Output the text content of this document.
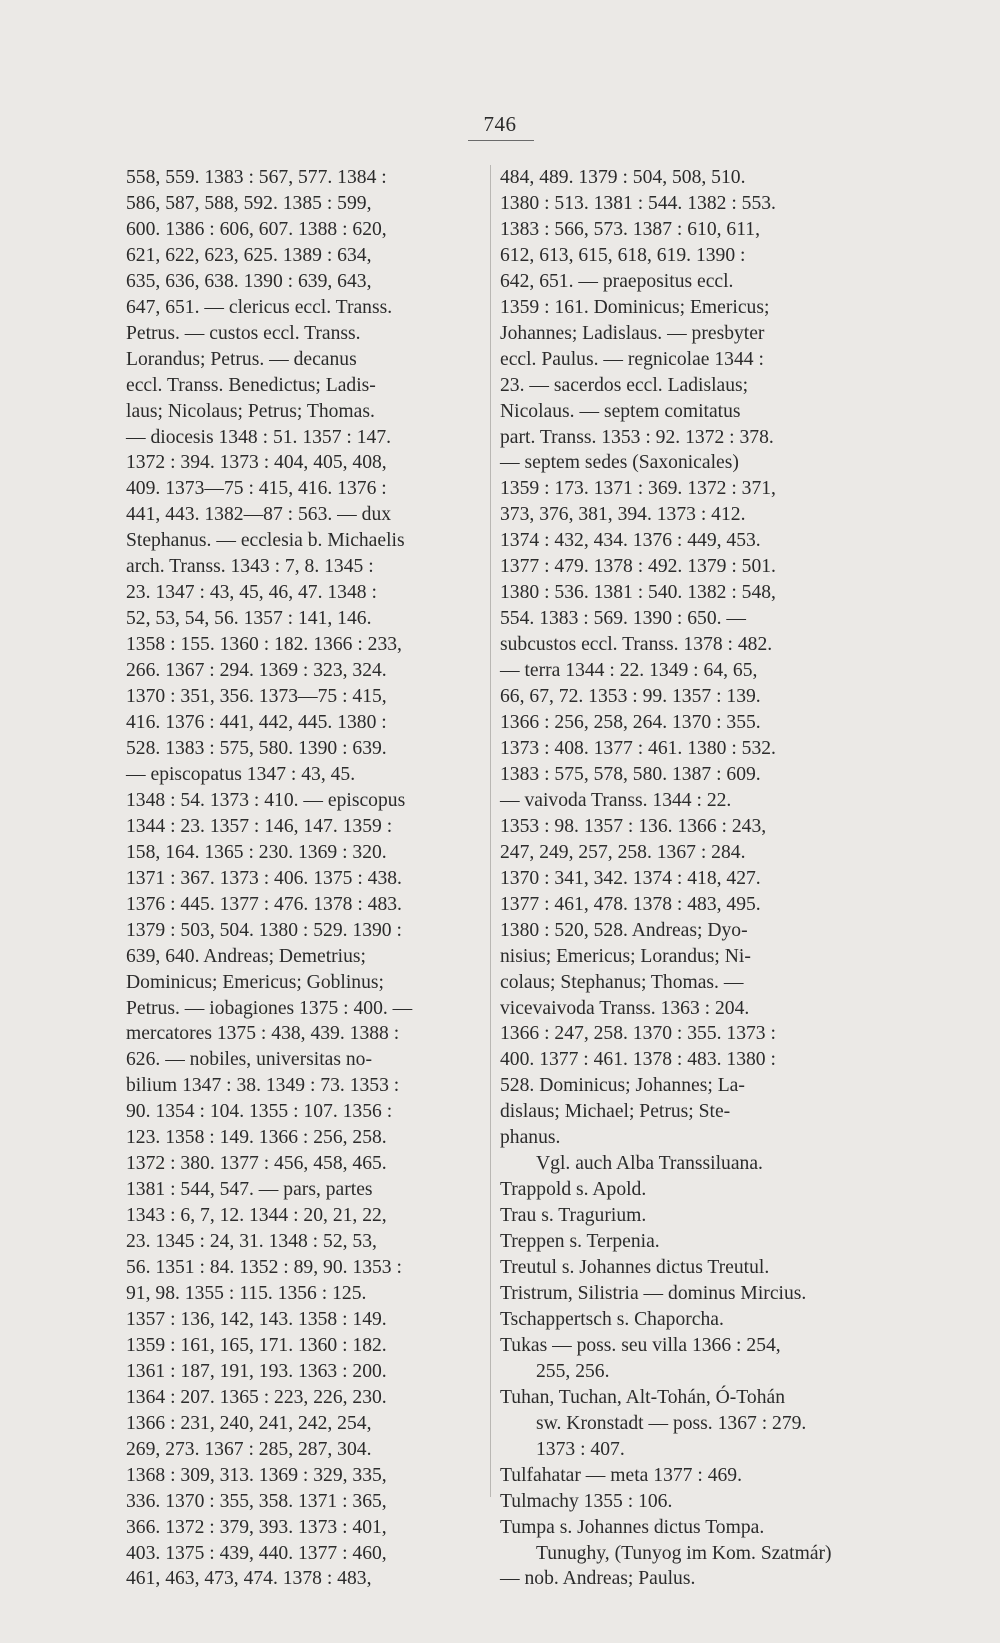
746
558, 559. 1383 : 567, 577. 1384 :
586, 587, 588, 592. 1385 : 599,
600. 1386 : 606, 607. 1388 : 620,
621, 622, 623, 625. 1389 : 634,
635, 636, 638. 1390 : 639, 643,
647, 651. — clericus eccl. Transs.
Petrus. — custos eccl. Transs.
Lorandus; Petrus. — decanus
eccl. Transs. Benedictus; Ladis-
laus; Nicolaus; Petrus; Thomas.
— diocesis 1348 : 51. 1357 : 147.
1372 : 394. 1373 : 404, 405, 408,
409. 1373—75 : 415, 416. 1376 :
441, 443. 1382—87 : 563. — dux
Stephanus. — ecclesia b. Michaelis
arch. Transs. 1343 : 7, 8. 1345 :
23. 1347 : 43, 45, 46, 47. 1348 :
52, 53, 54, 56. 1357 : 141, 146.
1358 : 155. 1360 : 182. 1366 : 233,
266. 1367 : 294. 1369 : 323, 324.
1370 : 351, 356. 1373—75 : 415,
416. 1376 : 441, 442, 445. 1380 :
528. 1383 : 575, 580. 1390 : 639.
— episcopatus 1347 : 43, 45.
1348 : 54. 1373 : 410. — episcopus
1344 : 23. 1357 : 146, 147. 1359 :
158, 164. 1365 : 230. 1369 : 320.
1371 : 367. 1373 : 406. 1375 : 438.
1376 : 445. 1377 : 476. 1378 : 483.
1379 : 503, 504. 1380 : 529. 1390 :
639, 640. Andreas; Demetrius;
Dominicus; Emericus; Goblinus;
Petrus. — iobagiones 1375 : 400. —
mercatores 1375 : 438, 439. 1388 :
626. — nobiles, universitas no-
bilium 1347 : 38. 1349 : 73. 1353 :
90. 1354 : 104. 1355 : 107. 1356 :
123. 1358 : 149. 1366 : 256, 258.
1372 : 380. 1377 : 456, 458, 465.
1381 : 544, 547. — pars, partes
1343 : 6, 7, 12. 1344 : 20, 21, 22,
23. 1345 : 24, 31. 1348 : 52, 53,
56. 1351 : 84. 1352 : 89, 90. 1353 :
91, 98. 1355 : 115. 1356 : 125.
1357 : 136, 142, 143. 1358 : 149.
1359 : 161, 165, 171. 1360 : 182.
1361 : 187, 191, 193. 1363 : 200.
1364 : 207. 1365 : 223, 226, 230.
1366 : 231, 240, 241, 242, 254,
269, 273. 1367 : 285, 287, 304.
1368 : 309, 313. 1369 : 329, 335,
336. 1370 : 355, 358. 1371 : 365,
366. 1372 : 379, 393. 1373 : 401,
403. 1375 : 439, 440. 1377 : 460,
461, 463, 473, 474. 1378 : 483,
484, 489. 1379 : 504, 508, 510.
1380 : 513. 1381 : 544. 1382 : 553.
1383 : 566, 573. 1387 : 610, 611,
612, 613, 615, 618, 619. 1390 :
642, 651. — praepositus eccl.
1359 : 161. Dominicus; Emericus;
Johannes; Ladislaus. — presbyter
eccl. Paulus. — regnicolae 1344 :
23. — sacerdos eccl. Ladislaus;
Nicolaus. — septem comitatus
part. Transs. 1353 : 92. 1372 : 378.
— septem sedes (Saxonicales)
1359 : 173. 1371 : 369. 1372 : 371,
373, 376, 381, 394. 1373 : 412.
1374 : 432, 434. 1376 : 449, 453.
1377 : 479. 1378 : 492. 1379 : 501.
1380 : 536. 1381 : 540. 1382 : 548,
554. 1383 : 569. 1390 : 650. —
subcustos eccl. Transs. 1378 : 482.
— terra 1344 : 22. 1349 : 64, 65,
66, 67, 72. 1353 : 99. 1357 : 139.
1366 : 256, 258, 264. 1370 : 355.
1373 : 408. 1377 : 461. 1380 : 532.
1383 : 575, 578, 580. 1387 : 609.
— vaivoda Transs. 1344 : 22.
1353 : 98. 1357 : 136. 1366 : 243,
247, 249, 257, 258. 1367 : 284.
1370 : 341, 342. 1374 : 418, 427.
1377 : 461, 478. 1378 : 483, 495.
1380 : 520, 528. Andreas; Dyo-
nisius; Emericus; Lorandus; Ni-
colaus; Stephanus; Thomas. —
vicevaivoda Transs. 1363 : 204.
1366 : 247, 258. 1370 : 355. 1373 :
400. 1377 : 461. 1378 : 483. 1380 :
528. Dominicus; Johannes; La-
dislaus; Michael; Petrus; Ste-
phanus.
Vgl. auch Alba Transsiluana.
Trappold s. Apold.
Trau s. Tragurium.
Treppen s. Terpenia.
Treutul s. Johannes dictus Treutul.
Tristrum, Silistria — dominus Mircius.
Tschappertsch s. Chaporcha.
Tukas — poss. seu villa 1366 : 254,
255, 256.
Tuhan, Tuchan, Alt-Tohán, Ó-Tohán
sw. Kronstadt — poss. 1367 : 279.
1373 : 407.
Tulfahatar — meta 1377 : 469.
Tulmachy 1355 : 106.
Tumpa s. Johannes dictus Tompa.
Tunughy, (Tunyog im Kom. Szatmár)
— nob. Andreas; Paulus.
